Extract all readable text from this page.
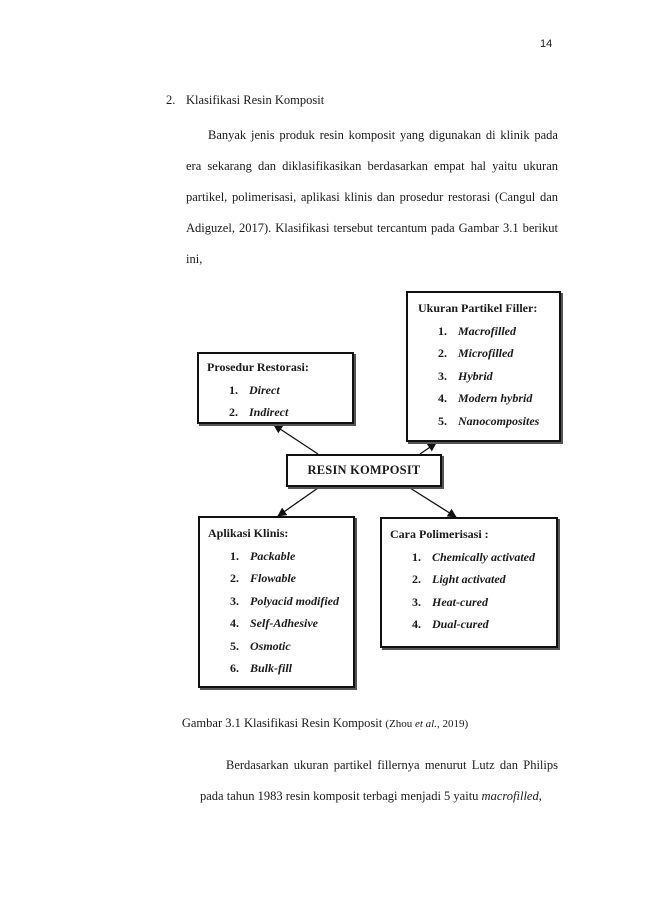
14
2. Klasifikasi Resin Komposit

Banyak jenis produk resin komposit yang digunakan di klinik pada era sekarang dan diklasifikasikan berdasarkan empat hal yaitu ukuran partikel, polimerisasi, aplikasi klinis dan prosedur restorasi (Cangul dan Adiguzel, 2017). Klasifikasi tersebut tercantum pada Gambar 3.1 berikut ini,

Ukuran Partikel Filler:
1. Macrofilled
2. Microfilled
3. Hybrid
4. Modern hybrid
5. Nanocomposites
Prosedur Restorasi:
1. Direct
2. Indirect
RESIN KOMPOSIT
Aplikasi Klinis:
1. Packable
2. Flowable
3. Polyacid modified
4. Self-Adhesive
5. Osmotic
6. Bulk-fill
Cara Polimerisasi :
1. Chemically activated
2. Light activated
3. Heat-cured
4. Dual-cured
Gambar 3.1 Klasifikasi Resin Komposit (Zhou et al., 2019)

Berdasarkan ukuran partikel fillernya menurut Lutz dan Philips pada tahun 1983 resin komposit terbagi menjadi 5 yaitu macrofilled,
